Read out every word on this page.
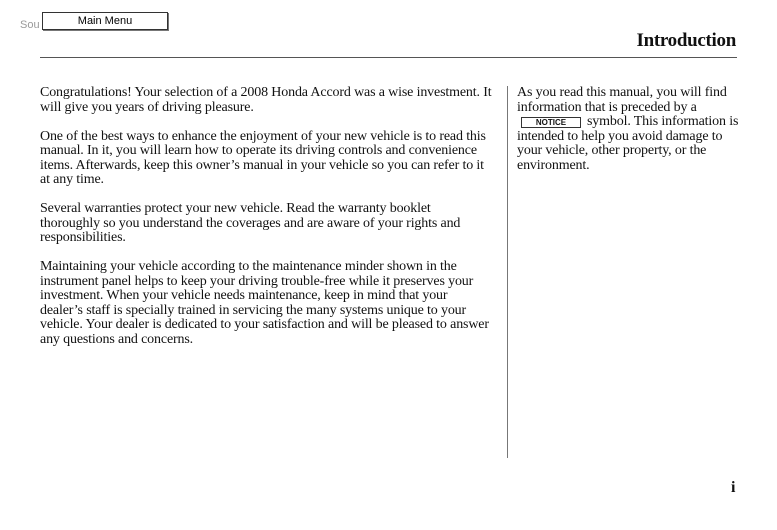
Sou	Main Menu
Introduction

Congratulations! Your selection of a 2008 Honda Accord was a wise investment. It will give you years of driving pleasure.

One of the best ways to enhance the enjoyment of your new vehicle is to read this manual. In it, you will learn how to operate its driving controls and convenience items. Afterwards, keep this owner’s manual in your vehicle so you can refer to it at any time.

Several warranties protect your new vehicle. Read the warranty booklet thoroughly so you understand the coverages and are aware of your rights and responsibilities.

Maintaining your vehicle according to the maintenance minder shown in the instrument panel helps to keep your driving trouble-free while it preserves your investment. When your vehicle needs maintenance, keep in mind that your dealer’s staff is specially trained in servicing the many systems unique to your vehicle. Your dealer is dedicated to your satisfaction and will be pleased to answer any questions and concerns.

As you read this manual, you will find information that is preceded by aNOTICE symbol. This information is intended to help you avoid damage to your vehicle, other property, or the environment.

i
